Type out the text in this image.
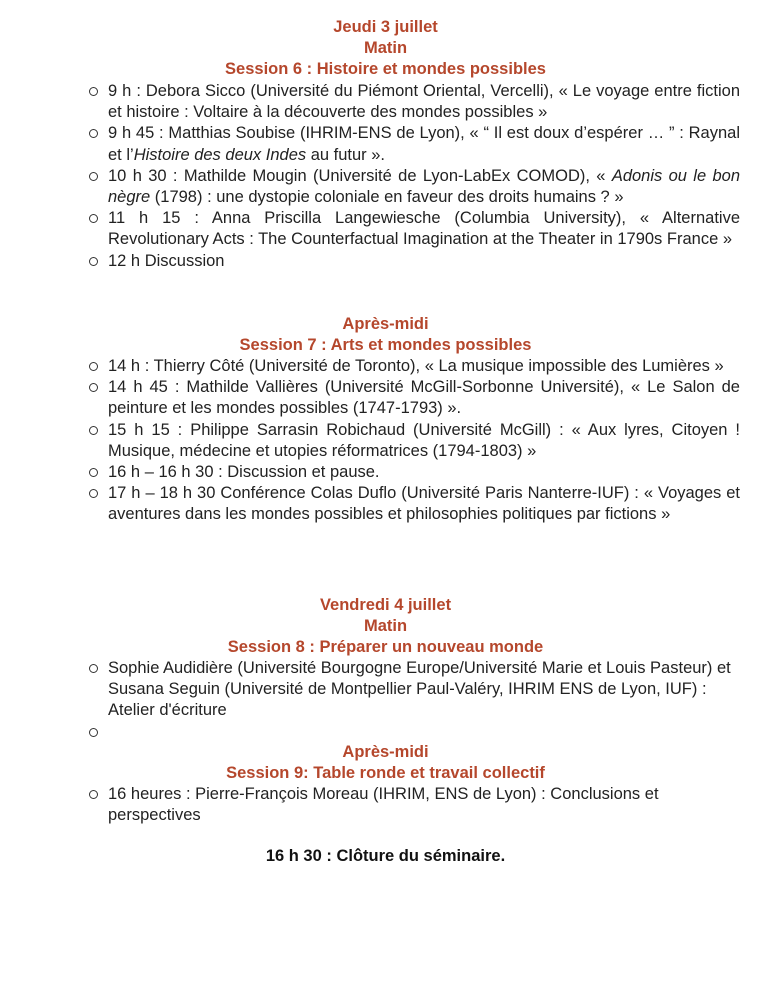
Jeudi 3 juillet
Matin
Session 6 : Histoire et mondes possibles
9 h : Debora Sicco (Université du Piémont Oriental, Vercelli), « Le voyage entre fiction et histoire : Voltaire à la découverte des mondes possibles »
9 h 45 : Matthias Soubise (IHRIM-ENS de Lyon), « “ Il est doux d’espérer … ” : Raynal et l’Histoire des deux Indes au futur ».
10 h 30 : Mathilde Mougin (Université de Lyon-LabEx COMOD), « Adonis ou le bon nègre (1798) : une dystopie coloniale en faveur des droits humains ? »
11 h 15 : Anna Priscilla Langewiesche (Columbia University), « Alternative Revolutionary Acts : The Counterfactual Imagination at the Theater in 1790s France »
12 h Discussion
Après-midi
Session 7 : Arts et mondes possibles
14 h : Thierry Côté (Université de Toronto), « La musique impossible des Lumières »
14 h 45 : Mathilde Vallières (Université McGill-Sorbonne Université), « Le Salon de peinture et les mondes possibles (1747-1793) ».
15 h 15 : Philippe Sarrasin Robichaud (Université McGill) : « Aux lyres, Citoyen ! Musique, médecine et utopies réformatrices (1794-1803) »
16 h – 16 h 30 : Discussion et pause.
17 h – 18 h 30 Conférence Colas Duflo (Université Paris Nanterre-IUF) : « Voyages et aventures dans les mondes possibles et philosophies politiques par fictions »
Vendredi 4 juillet
Matin
Session 8 : Préparer un nouveau monde
Sophie Audidière (Université Bourgogne Europe/Université Marie et Louis Pasteur) et Susana Seguin (Université de Montpellier Paul-Valéry, IHRIM ENS de Lyon, IUF) : Atelier d'écriture
Après-midi
Session 9: Table ronde et travail collectif
16 heures : Pierre-François Moreau (IHRIM, ENS de Lyon) : Conclusions et perspectives
16 h 30 : Clôture du séminaire.
